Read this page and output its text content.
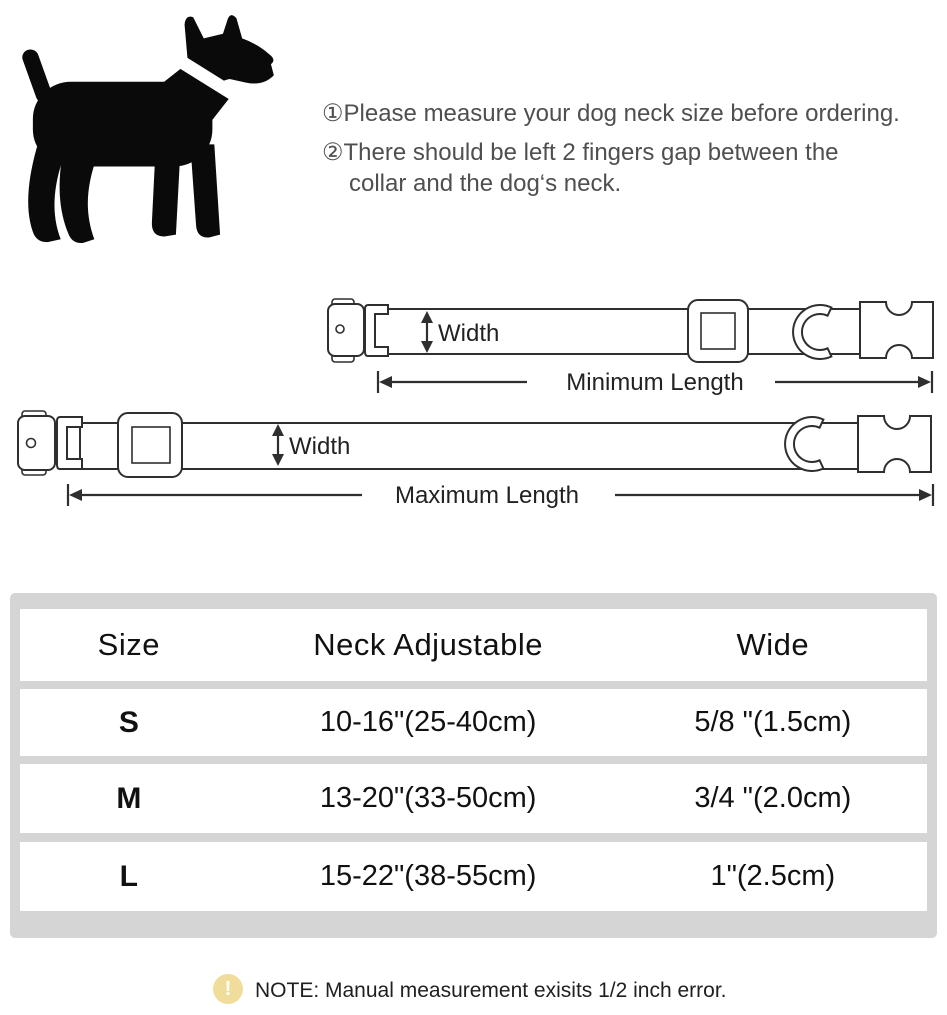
①Please measure your dog neck size before ordering.
②There should be left 2 fingers gap between the
collar and the dog‘s neck.
Width
Minimum Length
Width
Maximum Length
Size	Neck Adjustable	Wide
S	10-16"(25-40cm)	5/8 "(1.5cm)
M	13-20"(33-50cm)	3/4 "(2.0cm)
L	15-22"(38-55cm)	1"(2.5cm)
!	NOTE: Manual measurement exisits 1/2 inch error.
